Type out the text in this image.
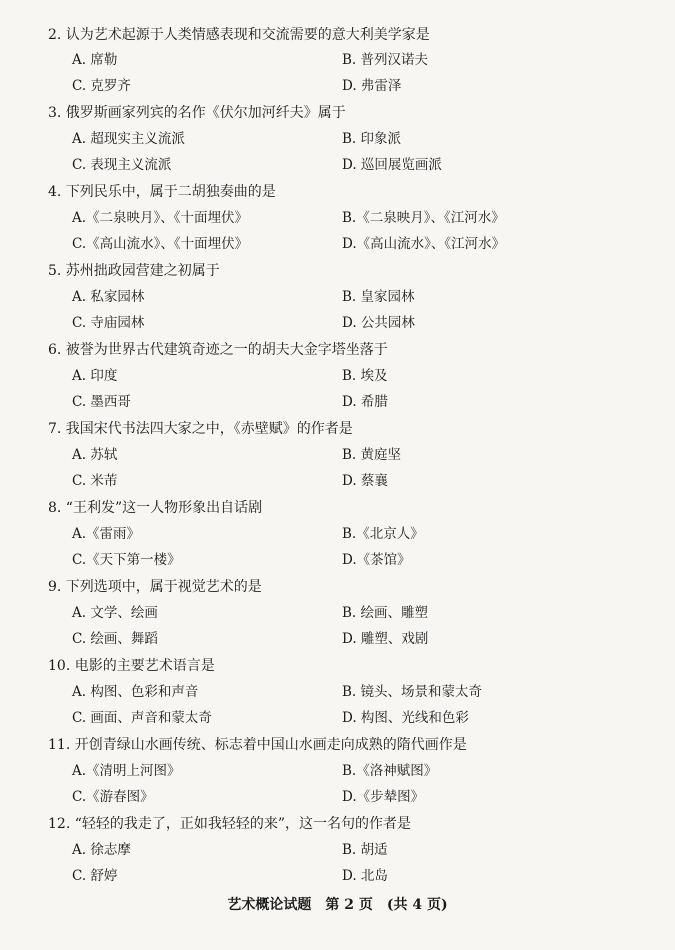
2. 认为艺术起源于人类情感表现和交流需要的意大利美学家是
A. 席勒	B. 普列汉诺夫
C. 克罗齐	D. 弗雷泽
3. 俄罗斯画家列宾的名作《伏尔加河纤夫》属于
A. 超现实主义流派	B. 印象派
C. 表现主义流派	D. 巡回展览画派
4. 下列民乐中，属于二胡独奏曲的是
A.《二泉映月》、《十面埋伏》	B.《二泉映月》、《江河水》
C.《高山流水》、《十面埋伏》	D.《高山流水》、《江河水》
5. 苏州拙政园营建之初属于
A. 私家园林	B. 皇家园林
C. 寺庙园林	D. 公共园林
6. 被誉为世界古代建筑奇迹之一的胡夫大金字塔坐落于
A. 印度	B. 埃及
C. 墨西哥	D. 希腊
7. 我国宋代书法四大家之中，《赤壁赋》的作者是
A. 苏轼	B. 黄庭坚
C. 米芾	D. 蔡襄
8. “王利发”这一人物形象出自话剧
A.《雷雨》	B.《北京人》
C.《天下第一楼》	D.《茶馆》
9. 下列选项中，属于视觉艺术的是
A. 文学、绘画	B. 绘画、雕塑
C. 绘画、舞蹈	D. 雕塑、戏剧
10. 电影的主要艺术语言是
A. 构图、色彩和声音	B. 镜头、场景和蒙太奇
C. 画面、声音和蒙太奇	D. 构图、光线和色彩
11. 开创青绿山水画传统、标志着中国山水画走向成熟的隋代画作是
A.《清明上河图》	B.《洛神赋图》
C.《游春图》	D.《步辇图》
12. “轻轻的我走了，正如我轻轻的来”，这一名句的作者是
A. 徐志摩	B. 胡适
C. 舒婷	D. 北岛
艺术概论试题　第 2 页　(共 4 页)
